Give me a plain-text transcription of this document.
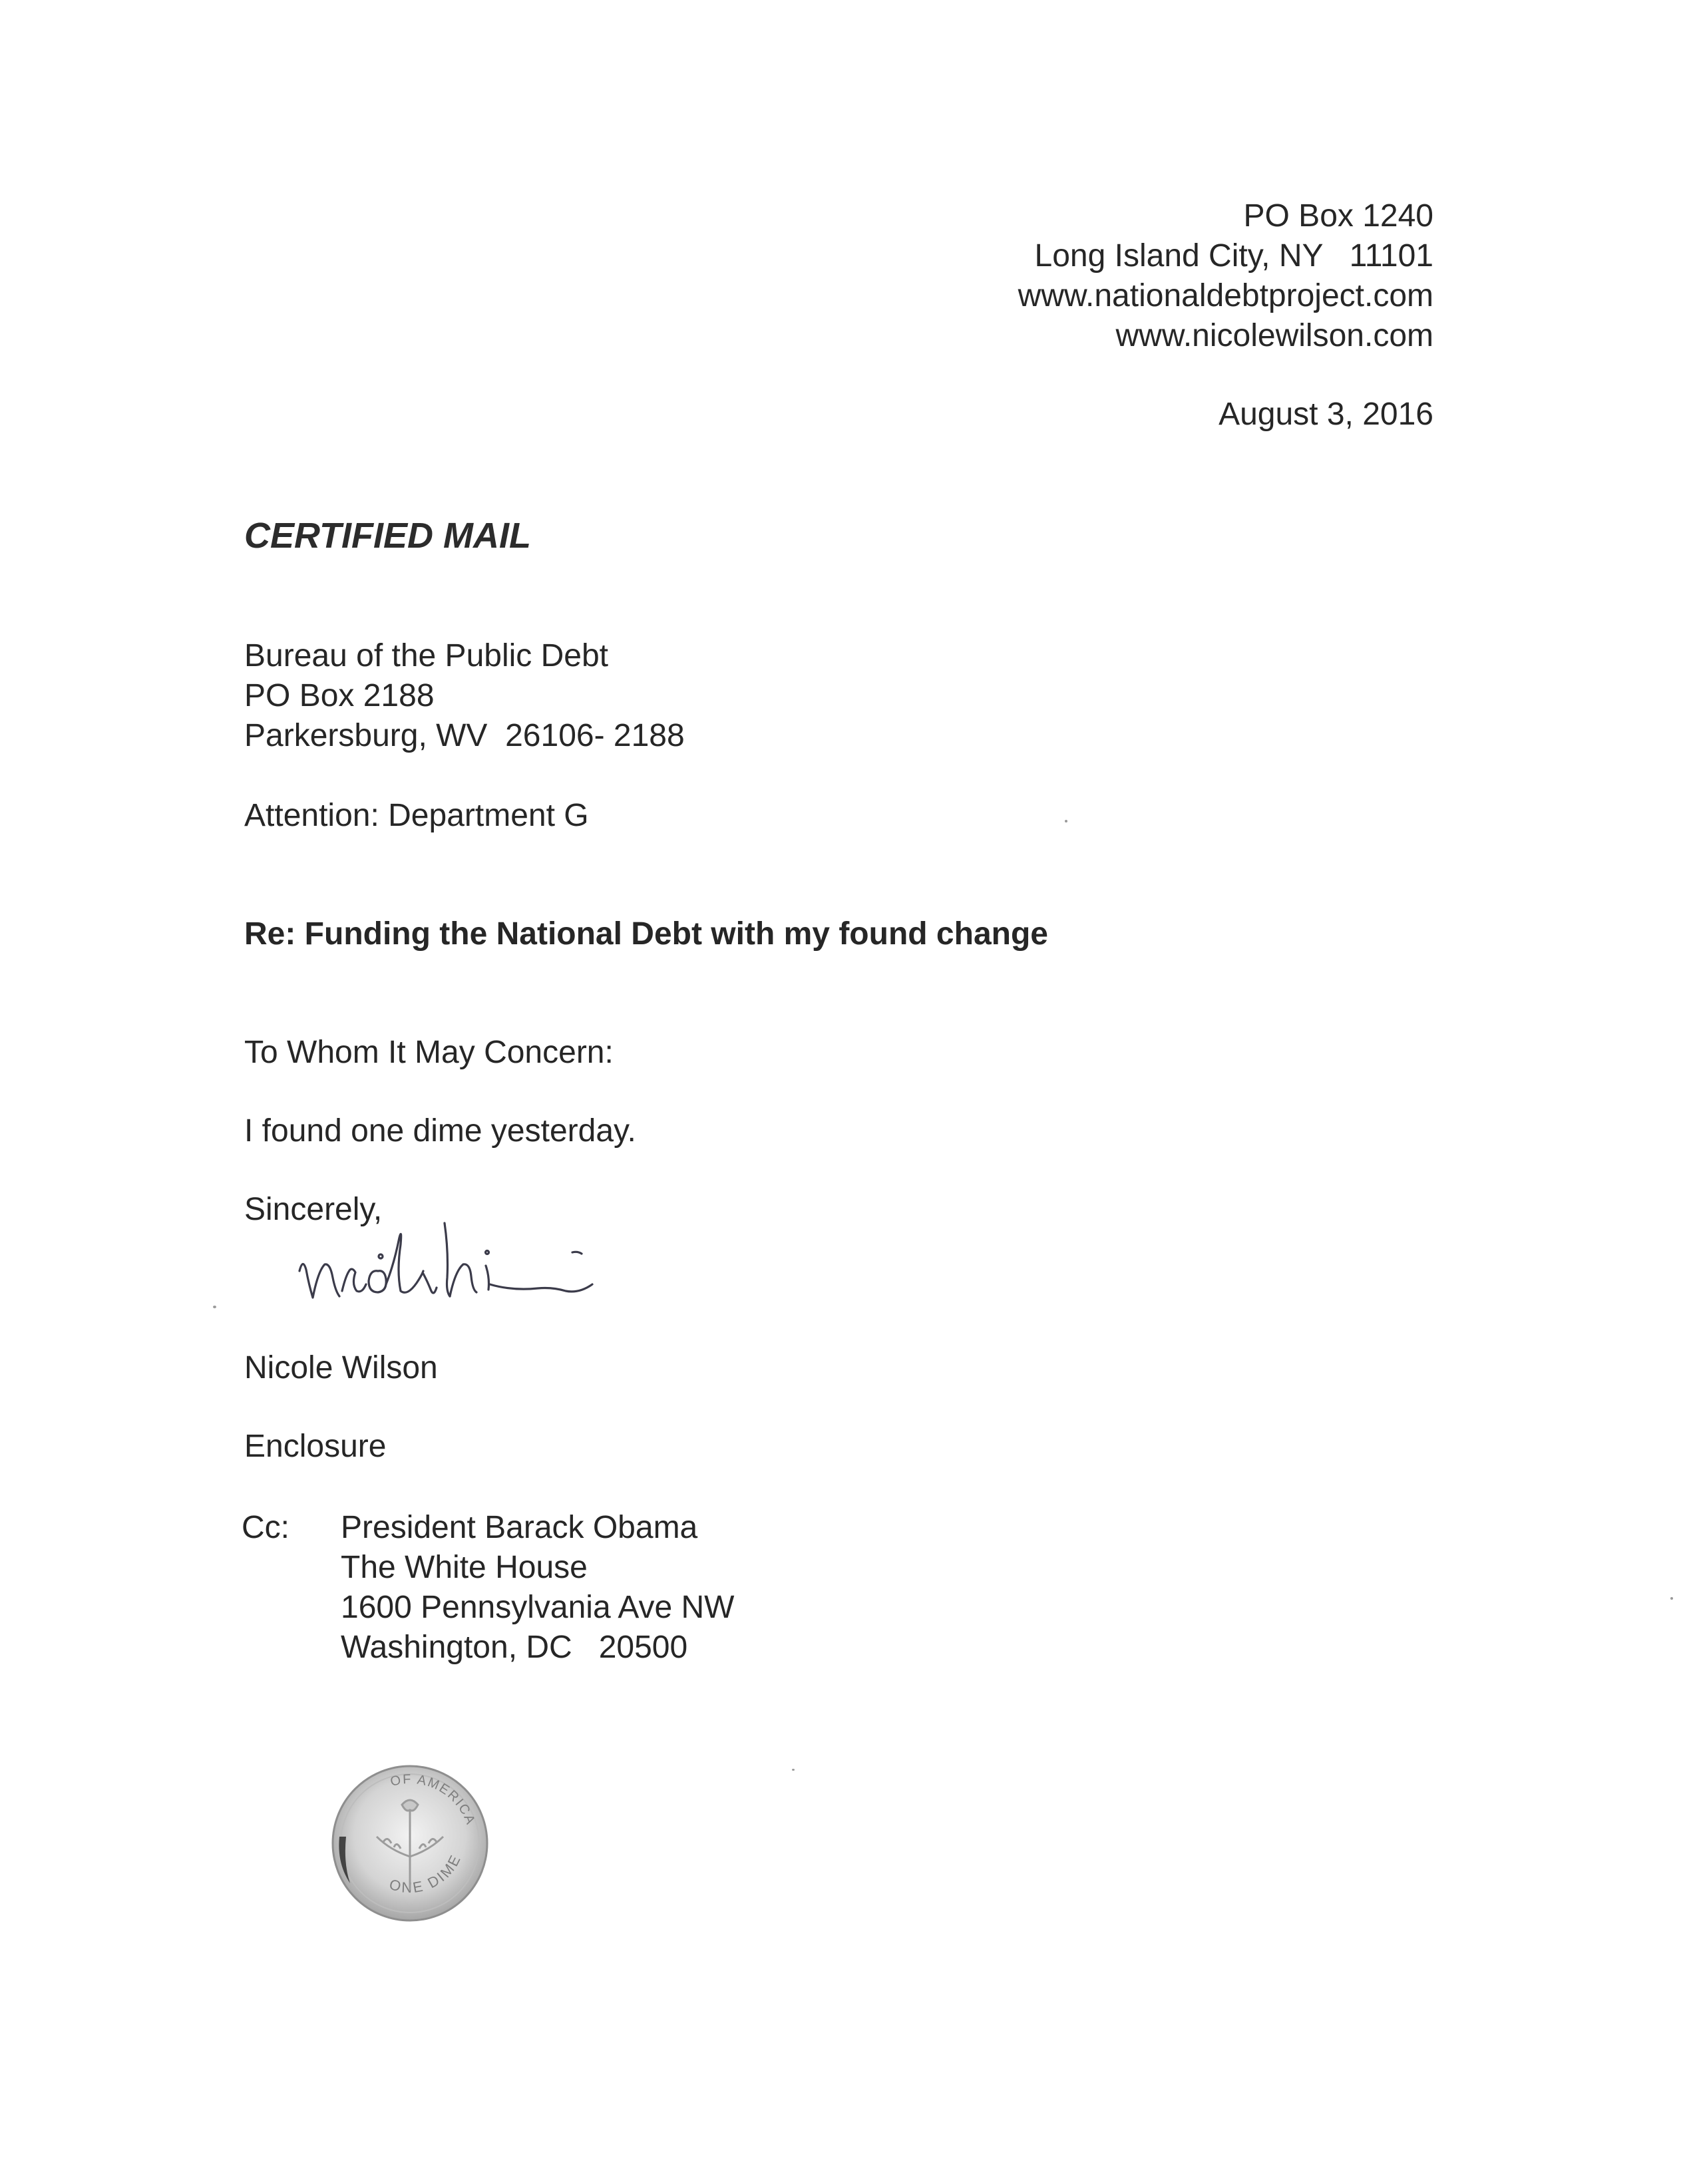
PO Box 1240
Long Island City, NY   11101
www.nationaldebtproject.com
www.nicolewilson.com
August 3, 2016
CERTIFIED MAIL
Bureau of the Public Debt
PO Box 2188
Parkersburg, WV  26106- 2188
Attention: Department G
Re: Funding the National Debt with my found change
To Whom It May Concern:
I found one dime yesterday.
Sincerely,
Nicole Wilson
Enclosure
Cc: President Barack Obama
The White House
1600 Pennsylvania Ave NW
Washington, DC   20500
OF AMERICA
ONE DIME
